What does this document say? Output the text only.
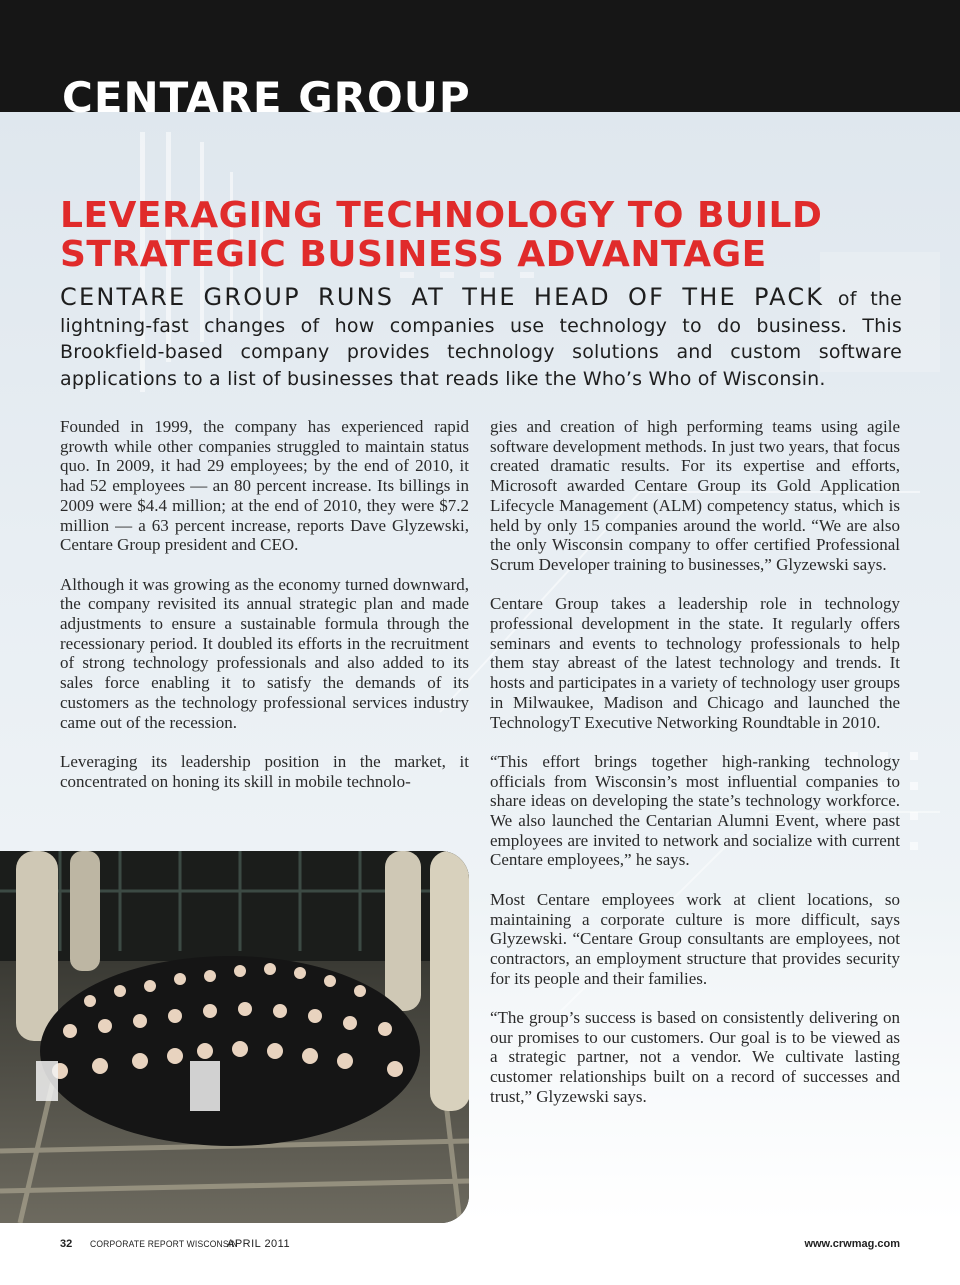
CENTARE GROUP
LEVERAGING TECHNOLOGY TO BUILD
STRATEGIC BUSINESS ADVANTAGE

CENTARE GROUP RUNS AT THE HEAD OF THE PACK of the lightning-fast changes of how companies use technology to do business. This Brookfield-based company provides technology solutions and custom software applications to a list of businesses that reads like the Who’s Who of Wisconsin.

Founded in 1999, the company has experienced rapid growth while other companies struggled to maintain status quo. In 2009, it had 29 employees; by the end of 2010, it had 52 employees — an 80 percent increase. Its billings in 2009 were $4.4 million; at the end of 2010, they were $7.2 million — a 63 percent increase, reports Dave Glyzewski, Centare Group president and CEO.

Although it was growing as the economy turned downward, the company revisited its annual strategic plan and made adjustments to ensure a sustainable formula through the recessionary period. It doubled its efforts in the recruitment of strong technology professionals and also added to its sales force enabling it to satisfy the demands of its customers as the technology professional services industry came out of the recession.

Leveraging its leadership position in the market, it concentrated on honing its skill in mobile technolo-

gies and creation of high performing teams using agile software development methods. In just two years, that focus created dramatic results. For its expertise and efforts, Microsoft awarded Centare Group its Gold Application Lifecycle Management (ALM) competency status, which is held by only 15 companies around the world. “We are also the only Wisconsin company to offer certified Professional Scrum Developer training to businesses,” Glyzewski says.

Centare Group takes a leadership role in technology professional development in the state. It regularly offers seminars and events to technology professionals to help them stay abreast of the latest technology and trends. It hosts and participates in a variety of technology user groups in Milwaukee, Madison and Chicago and launched the TechnologyT Executive Networking Roundtable in 2010.

“This effort brings together high-ranking technology officials from Wisconsin’s most influential companies to share ideas on developing the state’s technology workforce. We also launched the Centarian Alumni Event, where past employees are invited to network and socialize with current Centare employees,” he says.

Most Centare employees work at client locations, so maintaining a corporate culture is more difficult, says Glyzewski. “Centare Group consultants are employees, not contractors, an employment structure that provides security for its people and their families.

“The group’s success is based on consistently delivering on our promises to our customers. Our goal is to be viewed as a strategic partner, not a vendor. We cultivate lasting customer relationships built on a record of successes and trust,” Glyzewski says.

32 CORPORATE REPORT WISCONSIN
APRIL 2011	www.crwmag.com
